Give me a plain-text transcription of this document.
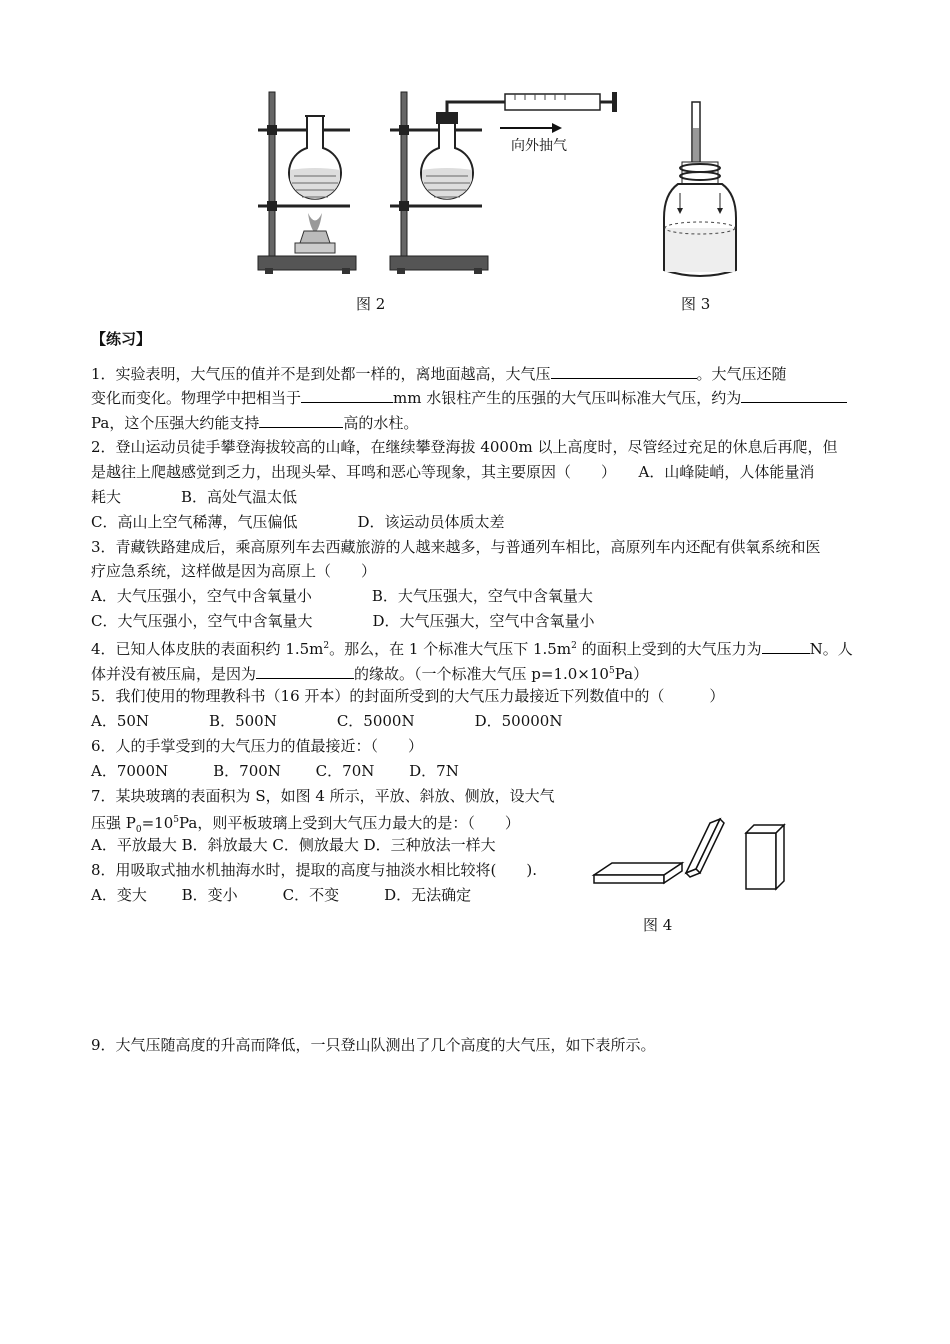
向外抽气
图 2	图 3
【练习】
1．实验表明，大气压的值并不是到处都一样的，离地面越高，大气压	。大气压还随
变化而变化。物理学中把相当于	mm 水银柱产生的压强的大气压叫标准大气压，约为
Pa，这个压强大约能支持	高的水柱。
2．登山运动员徒手攀登海拔较高的山峰，在继续攀登海拔 4000m 以上高度时，尽管经过充足的休息后再爬，但
是越往上爬越感觉到乏力，出现头晕、耳鸣和恶心等现象，其主要原因（　　）　　A．山峰陡峭，人体能量消
耗大　　　　B．高处气温太低
C．高山上空气稀薄，气压偏低　　　　D．该运动员体质太差
3．青藏铁路建成后，乘高原列车去西藏旅游的人越来越多，与普通列车相比，高原列车内还配有供氧系统和医
疗应急系统，这样做是因为高原上（　　）
A．大气压强小，空气中含氧量小　　　　B．大气压强大，空气中含氧量大
C．大气压强小，空气中含氧量大　　　　D．大气压强大，空气中含氧量小
4．已知人体皮肤的表面积约 $1.5m^2$。那么，在 1 个标准大气压下 $1.5m^2$ 的面积上受到的大气压力为	N。人
体并没有被压扁，是因为	的缘故。（一个标准大气压 $p=1.0\times 10^5Pa$）
5．我们使用的物理教科书（16 开本）的封面所受到的大气压力最接近下列数值中的（　　　）
A．50N　　　　B．500N　　　　C．5000N　　　　D．50000N
6．人的手掌受到的大气压力的值最接近：（　　）
A．7000N　　　B．700N　　 C．70N　　 D．7N
7．某块玻璃的表面积为 S，如图 4 所示，平放、斜放、侧放，设大气
压强 $P_0=10^5Pa$，则平板玻璃上受到大气压力最大的是：（　　）
A．平放最大 B．斜放最大 C．侧放最大 D．三种放法一样大
8．用吸取式抽水机抽海水时，提取的高度与抽淡水相比较将(　　).
A．变大　　 B．变小　　　C．不变　　　D．无法确定
图 4
9．大气压随高度的升高而降低，一只登山队测出了几个高度的大气压，如下表所示。
